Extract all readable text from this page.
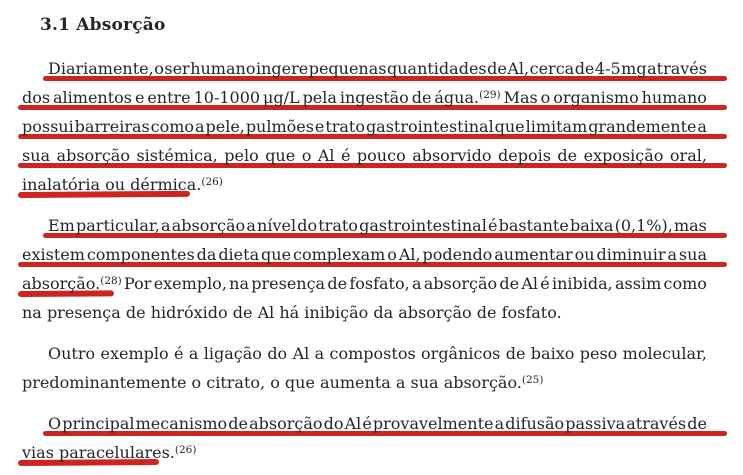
3.1 Absorção
Diariamente, o ser humano ingere pequenas quantidades de Al, cerca de 4-5 mg através
dos alimentos e entre 10-1000 µg/L pela ingestão de água.$^{(29)}$ Mas o organismo humano
possui barreiras como a pele, pulmões e trato gastrointestinal que limitam grandemente a
sua absorção sistémica, pelo que o Al é pouco absorvido depois de exposição oral,
inalatória ou dérmica.$^{(26)}$
Em particular, a absorção a nível do trato gastrointestinal é bastante baixa (0,1%), mas
existem componentes da dieta que complexam o Al, podendo aumentar ou diminuir a sua
absorção.$^{(28)}$ Por exemplo, na presença de fosfato, a absorção de Al é inibida, assim como
na presença de hidróxido de Al há inibição da absorção de fosfato.
Outro exemplo é a ligação do Al a compostos orgânicos de baixo peso molecular,
predominantemente o citrato, o que aumenta a sua absorção.$^{(25)}$
O principal mecanismo de absorção do Al é provavelmente a difusão passiva através de
vias paracelulares.$^{(26)}$
